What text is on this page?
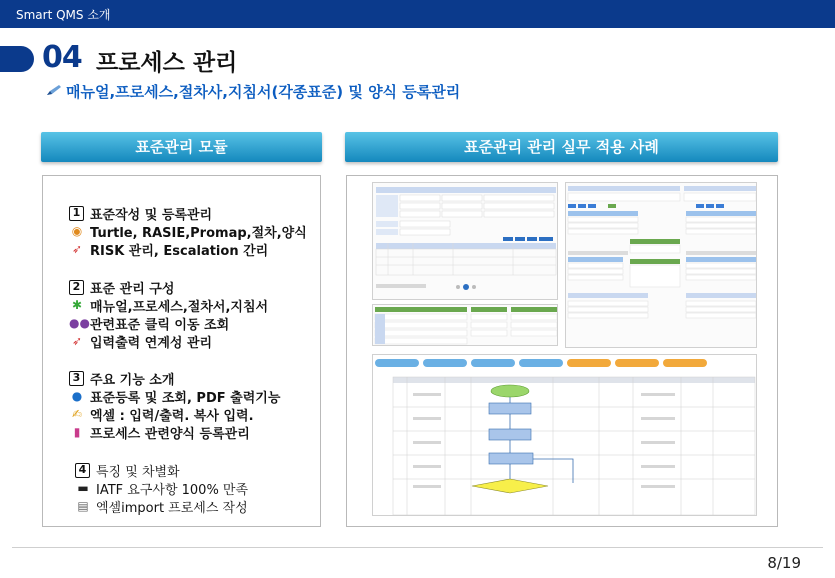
Smart QMS 소개
04 프로세스 관리
매뉴얼,프로세스,절차사,지침서(각종표준) 및 양식 등록관리
표준관리 모듈	표준관리 관리 실무 적용 사례
1 표준작성 및 등록관리
◉ Turtle, RASIE,Promap,절차,양식
➶ RISK 관리, Escalation 간리
2 표준 관리 구성
✱ 매뉴얼,프로세스,절차서,지침서
●● 관련표준 클릭 이동 조회
➶ 입력출력 연계성 관리
3 주요 기능 소개
● 표준등록 및 조회, PDF 출력기능
✍ 엑셀 : 입력/출력. 복사 입력.
▮ 프로세스 관련양식 등록관리
4 특징 및 차별화
▬ IATF 요구사항 100% 만족
▤ 엑셀import 프로세스 작성
8/19
